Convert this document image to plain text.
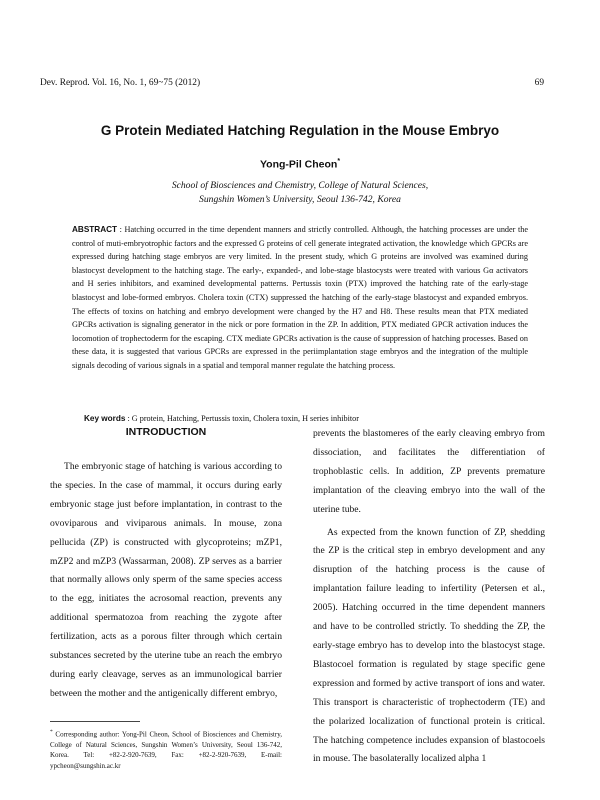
Dev. Reprod. Vol. 16, No. 1, 69~75 (2012)	69
G Protein Mediated Hatching Regulation in the Mouse Embryo
Yong-Pil Cheon*
School of Biosciences and Chemistry, College of Natural Sciences,
Sungshin Women’s University, Seoul 136-742, Korea
ABSTRACT : Hatching occurred in the time dependent manners and strictly controlled. Although, the hatching processes are under the control of muti-embryotrophic factors and the expressed G proteins of cell generate integrated activation, the knowledge which GPCRs are expressed during hatching stage embryos are very limited. In the present study, which G proteins are involved was examined during blastocyst development to the hatching stage. The early-, expanded-, and lobe-stage blastocysts were treated with various Gα activators and H series inhibitors, and examined developmental patterns. Pertussis toxin (PTX) improved the hatching rate of the early-stage blastocyst and lobe-formed embryos. Cholera toxin (CTX) suppressed the hatching of the early-stage blastocyst and expanded embryos. The effects of toxins on hatching and embryo development were changed by the H7 and H8. These results mean that PTX mediated GPCRs activation is signaling generator in the nick or pore formation in the ZP. In addition, PTX mediated GPCR activation induces the locomotion of trophectoderm for the escaping. CTX mediate GPCRs activation is the cause of suppression of hatching processes. Based on these data, it is suggested that various GPCRs are expressed in the periimplantation stage embryos and the integration of the multiple signals decoding of various signals in a spatial and temporal manner regulate the hatching process.
Key words : G protein, Hatching, Pertussis toxin, Cholera toxin, H series inhibitor
INTRODUCTION

The embryonic stage of hatching is various according to the species. In the case of mammal, it occurs during early embryonic stage just before implantation, in contrast to the ovoviparous and viviparous animals. In mouse, zona pellucida (ZP) is constructed with glycoproteins; mZP1, mZP2 and mZP3 (Wassarman, 2008). ZP serves as a barrier that normally allows only sperm of the same species access to the egg, initiates the acrosomal reaction, prevents any additional spermatozoa from reaching the zygote after fertilization, acts as a porous filter through which certain substances secreted by the uterine tube an reach the embryo during early cleavage, serves as an immunological barrier between the mother and the antigenically different embryo,

prevents the blastomeres of the early cleaving embryo from dissociation, and facilitates the differentiation of trophoblastic cells. In addition, ZP prevents premature implantation of the cleaving embryo into the wall of the uterine tube.

As expected from the known function of ZP, shedding the ZP is the critical step in embryo development and any disruption of the hatching process is the cause of implantation failure leading to infertility (Petersen et al., 2005). Hatching occurred in the time dependent manners and have to be controlled strictly. To shedding the ZP, the early-stage embryo has to develop into the blastocyst stage. Blastocoel formation is regulated by stage specific gene expression and formed by active transport of ions and water. This transport is characteristic of trophectoderm (TE) and the polarized localization of functional protein is critical. The hatching competence includes expansion of blastocoels in mouse. The basolaterally localized alpha 1

* Corresponding author: Yong-Pil Cheon, School of Biosciences and Chemistry, College of Natural Sciences, Sungshin Women’s University, Seoul 136-742, Korea. Tel: +82-2-920-7639, Fax: +82-2-920-7639, E-mail: ypcheon@sungshin.ac.kr
